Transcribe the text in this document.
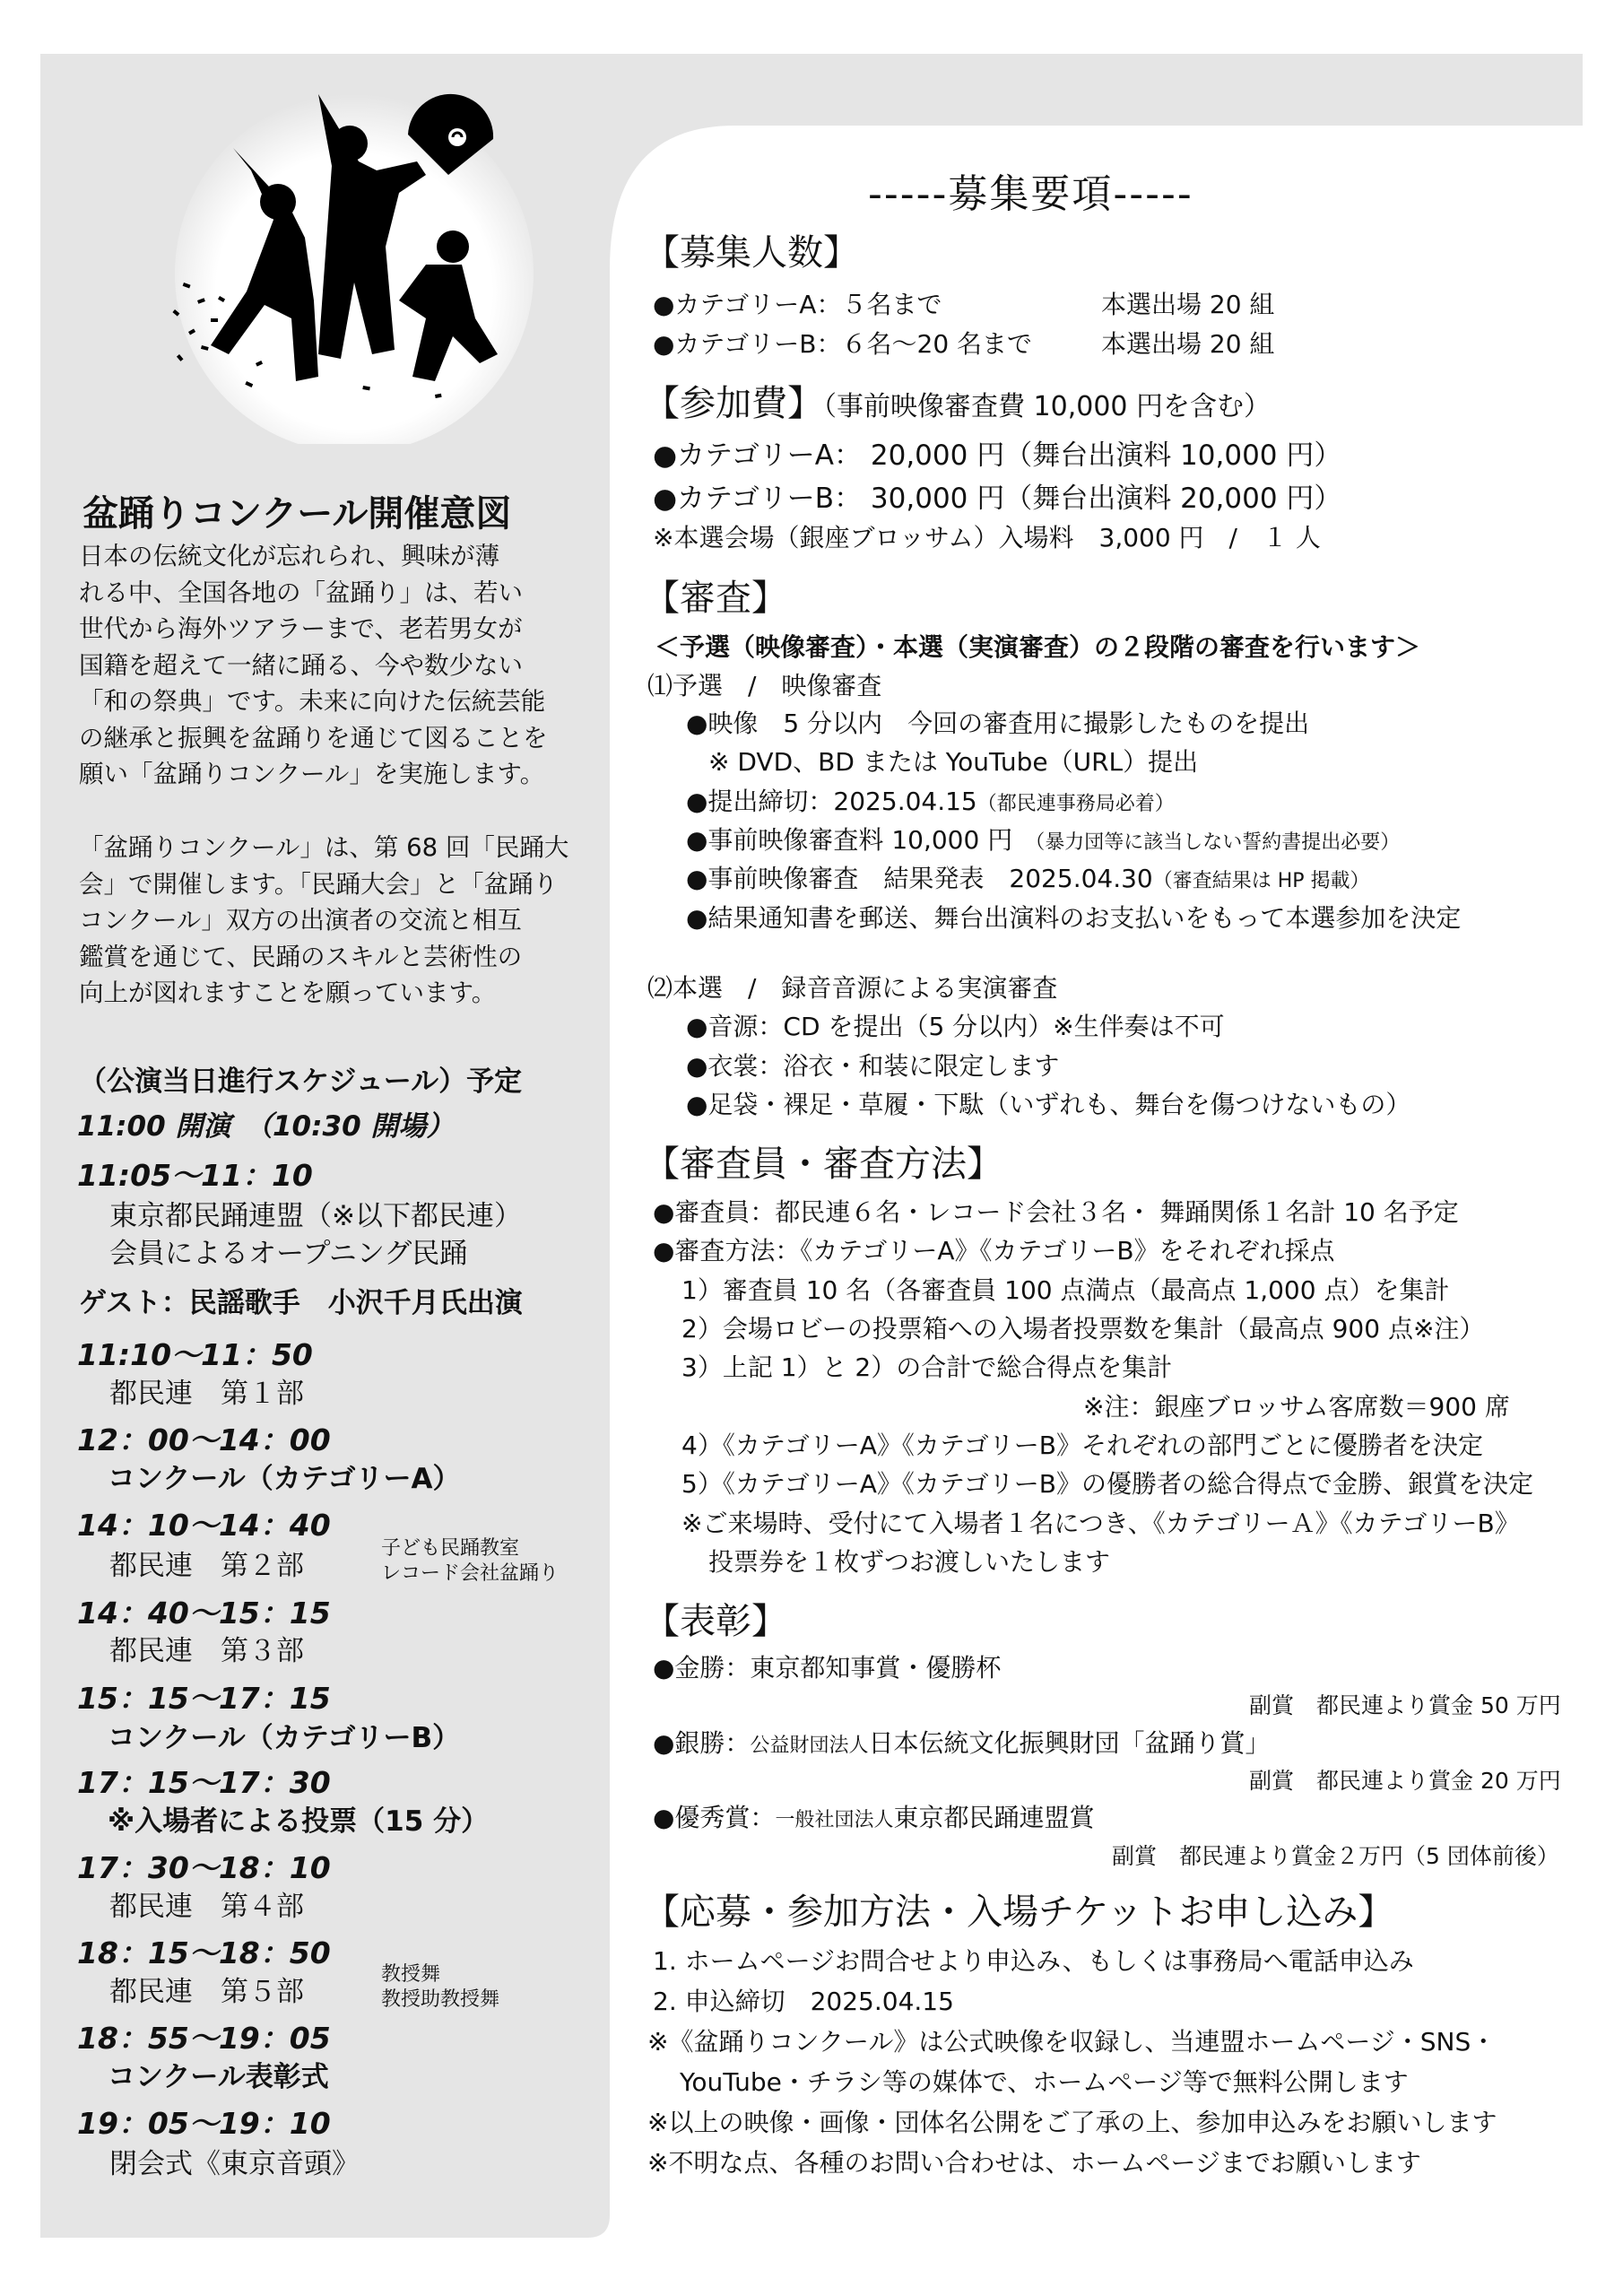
盆踊りコンクール開催意図
日本の伝統文化が忘れられ、興味が薄
れる中、全国各地の「盆踊り」は、若い
世代から海外ツアラーまで、老若男女が
国籍を超えて一緒に踊る、今や数少ない
「和の祭典」です。未来に向けた伝統芸能
の継承と振興を盆踊りを通じて図ることを
願い「盆踊りコンクール」を実施します。
「盆踊りコンクール」は、第 68 回「民踊大
会」で開催します。「民踊大会」と「盆踊り
コンクール」双方の出演者の交流と相互
鑑賞を通じて、民踊のスキルと芸術性の
向上が図れますことを願っています。
（公演当日進行スケジュール）予定
11:00 開演　（10:30 開場）
11:05～11：10
東京都民踊連盟（※以下都民連）
会員によるオープニング民踊
ゲスト：民謡歌手　小沢千月氏出演
11:10～11：50
都民連　第１部
12：00～14：00
コンクール（カテゴリーA）
14：10～14：40
都民連　第２部
子ども民踊教室
レコード会社盆踊り
14：40～15：15
都民連　第３部
15：15～17：15
コンクール（カテゴリーB）
17：15～17：30
※入場者による投票（15 分）
17：30～18：10
都民連　第４部
18：15～18：50
都民連　第５部
教授舞
教授助教授舞
18：55～19：05
コンクール表彰式
19：05～19：10
閉会式《東京音頭》
-----募集要項-----
【募集人数】
●カテゴリーA：５名まで	本選出場 20 組
●カテゴリーB：６名～20 名まで	本選出場 20 組
【参加費】（事前映像審査費 10,000 円を含む）
●カテゴリーA： 20,000 円（舞台出演料 10,000 円）
●カテゴリーB： 30,000 円（舞台出演料 20,000 円）
※本選会場（銀座ブロッサム）入場料　3,000 円　/　１ 人
【審査】
＜予選（映像審査）・本選（実演審査）の２段階の審査を行います＞
⑴予選　/　映像審査
●映像　5 分以内　今回の審査用に撮影したものを提出
※ DVD、BD または YouTube（URL）提出
●提出締切：2025.04.15（都民連事務局必着）
●事前映像審査料 10,000 円 （暴力団等に該当しない誓約書提出必要）
●事前映像審査　結果発表　2025.04.30（審査結果は HP 掲載）
●結果通知書を郵送、舞台出演料のお支払いをもって本選参加を決定
⑵本選　/　録音音源による実演審査
●音源：CD を提出（5 分以内）※生伴奏は不可
●衣裳：浴衣・和装に限定します
●足袋・裸足・草履・下駄（いずれも、舞台を傷つけないもの）
【審査員・審査方法】
●審査員：都民連６名・レコード会社３名・ 舞踊関係１名計 10 名予定
●審査方法：《カテゴリーA》《カテゴリーB》をそれぞれ採点
1）審査員 10 名（各審査員 100 点満点（最高点 1,000 点）を集計
2）会場ロビーの投票箱への入場者投票数を集計（最高点 900 点※注）
3）上記 1）と 2）の合計で総合得点を集計
※注：銀座ブロッサム客席数＝900 席
4）《カテゴリーA》《カテゴリーB》それぞれの部門ごとに優勝者を決定
5）《カテゴリーA》《カテゴリーB》の優勝者の総合得点で金勝、銀賞を決定
※ご来場時、受付にて入場者１名につき、《カテゴリーＡ》《カテゴリーB》
投票券を１枚ずつお渡しいたします
【表彰】
●金勝：東京都知事賞・優勝杯
副賞　都民連より賞金 50 万円
●銀勝：公益財団法人日本伝統文化振興財団「盆踊り賞」
副賞　都民連より賞金 20 万円
●優秀賞：一般社団法人東京都民踊連盟賞
副賞　都民連より賞金２万円（5 団体前後）
【応募・参加方法・入場チケットお申し込み】
1. ホームページお問合せより申込み、もしくは事務局へ電話申込み
2. 申込締切　2025.04.15
※《盆踊りコンクール》は公式映像を収録し、当連盟ホームページ・SNS・
YouTube・チラシ等の媒体で、ホームページ等で無料公開します
※以上の映像・画像・団体名公開をご了承の上、参加申込みをお願いします
※不明な点、各種のお問い合わせは、ホームページまでお願いします
